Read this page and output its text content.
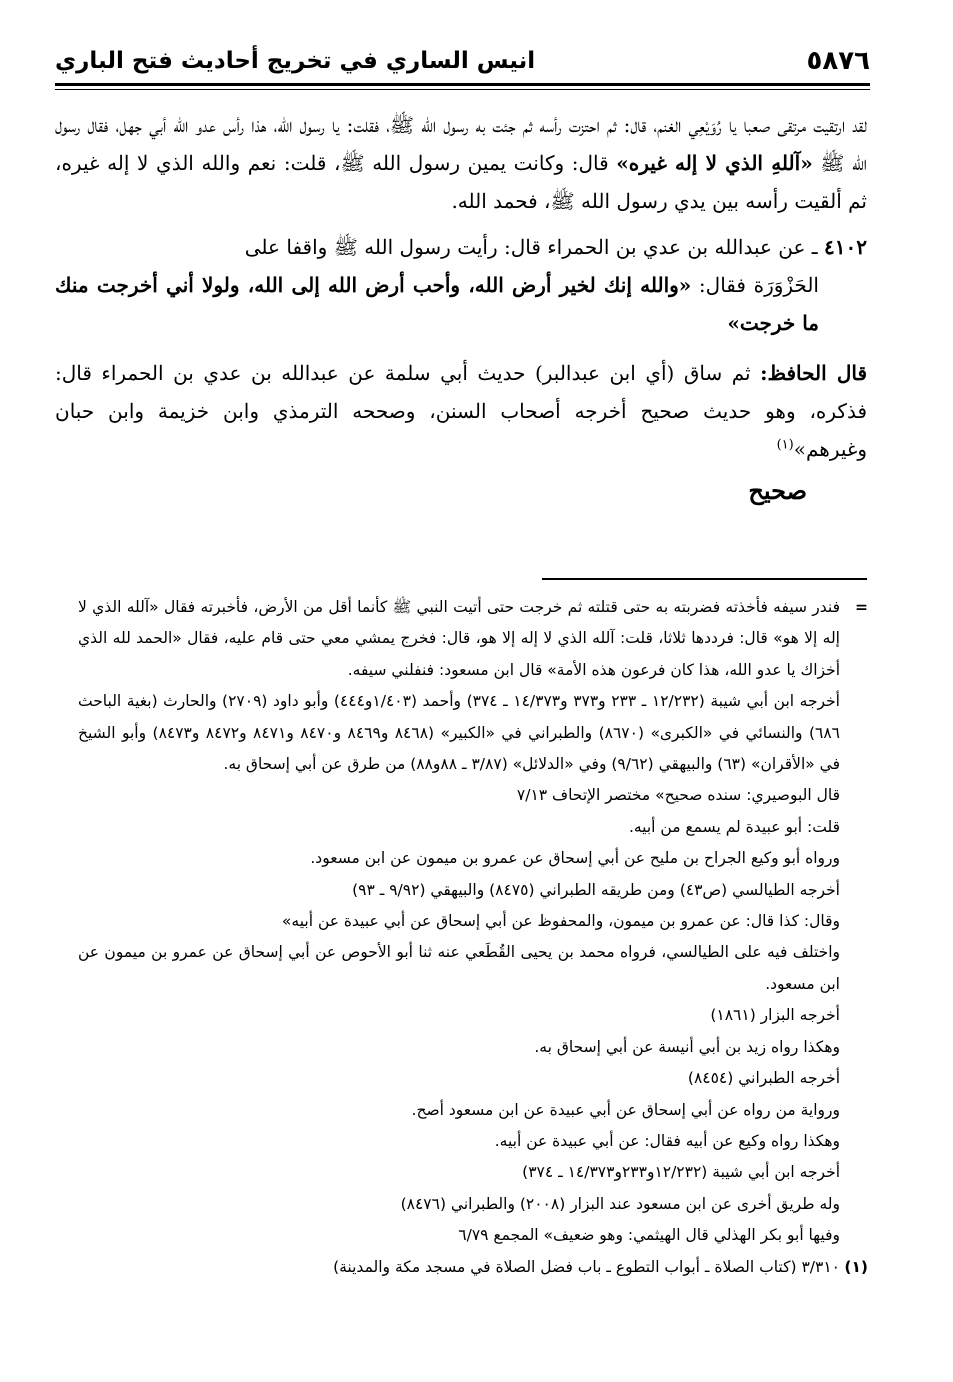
٥٨٧٦
انيس الساري في تخريج أحاديث فتح الباري

لقد ارتقيت مرتقى صعبا يا رُوَيْعِي الغنم، قال: ثم احتزت رأسه ثم جئت به رسول الله ﷺ، فقلت: يا رسول الله، هذا رأس عدو الله أبي جهل، فقال رسول الله ﷺ «آللهِ الذي لا إله غيره» قال: وكانت يمين رسول الله ﷺ، قلت: نعم والله الذي لا إله غيره، ثم ألقيت رأسه بين يدي رسول الله ﷺ، فحمد الله.

٤١٠٢ ـ عن عبدالله بن عدي بن الحمراء قال: رأيت رسول الله ﷺ واقفا على
الحَزْوَرَة فقال: «والله إنك لخير أرض الله، وأحب أرض الله إلى الله، ولولا أني أخرجت منك ما خرجت»

قال الحافظ: ثم ساق (أي ابن عبدالبر) حديث أبي سلمة عن عبدالله بن عدي بن الحمراء قال: فذكره، وهو حديث صحيح أخرجه أصحاب السنن، وصححه الترمذي وابن خزيمة وابن حبان وغيرهم»$^{(١)}$

صحيح

=
فندر سيفه فأخذته فضربته به حتى قتلته ثم خرجت حتى أتيت النبي ﷺ كأنما أقل من الأرض، فأخبرته فقال «آلله الذي لا إله إلا هو» قال: فرددها ثلاثا، قلت: آلله الذي لا إله إلا هو، قال: فخرج يمشي معي حتى قام عليه، فقال «الحمد لله الذي أخزاك يا عدو الله، هذا كان فرعون هذه الأمة» قال ابن مسعود: فنفلني سيفه.

أخرجه ابن أبي شيبة (١٢/٢٣٢ ـ ٢٣٣ و٣٧٣ و١٤/٣٧٣ ـ ٣٧٤) وأحمد (١/٤٠٣و٤٤٤) وأبو داود (٢٧٠٩) والحارث (بغية الباحث ٦٨٦) والنسائي في «الكبرى» (٨٦٧٠) والطبراني في «الكبير» (٨٤٦٨ و٨٤٦٩ و٨٤٧٠ و٨٤٧١ و٨٤٧٢ و٨٤٧٣) وأبو الشيخ في «الأقران» (٦٣) والبيهقي (٩/٦٢) وفي «الدلائل» (٣/٨٧ ـ ٨٨و٨٨) من طرق عن أبي إسحاق به.

قال البوصيري: سنده صحيح» مختصر الإتحاف ٧/١٣

قلت: أبو عبيدة لم يسمع من أبيه.

ورواه أبو وكيع الجراح بن مليح عن أبي إسحاق عن عمرو بن ميمون عن ابن مسعود.

أخرجه الطيالسي (ص٤٣) ومن طريقه الطبراني (٨٤٧٥) والبيهقي (٩/٩٢ ـ ٩٣)

وقال: كذا قال: عن عمرو بن ميمون، والمحفوظ عن أبي إسحاق عن أبي عبيدة عن أبيه»

واختلف فيه على الطيالسي، فرواه محمد بن يحيى القُطَعي عنه ثنا أبو الأحوص عن أبي إسحاق عن عمرو بن ميمون عن ابن مسعود.

أخرجه البزار (١٨٦١)

وهكذا رواه زيد بن أبي أنيسة عن أبي إسحاق به.

أخرجه الطبراني (٨٤٥٤)

ورواية من رواه عن أبي إسحاق عن أبي عبيدة عن ابن مسعود أصح.

وهكذا رواه وكيع عن أبيه فقال: عن أبي عبيدة عن أبيه.

أخرجه ابن أبي شيبة (١٢/٢٣٢و٢٣٣و١٤/٣٧٣ ـ ٣٧٤)

وله طريق أخرى عن ابن مسعود عند البزار (٢٠٠٨) والطبراني (٨٤٧٦)

وفيها أبو بكر الهذلي قال الهيثمي: وهو ضعيف» المجمع ٦/٧٩

(١)
٣/٣١٠ (كتاب الصلاة ـ أبواب التطوع ـ باب فضل الصلاة في مسجد مكة والمدينة)
